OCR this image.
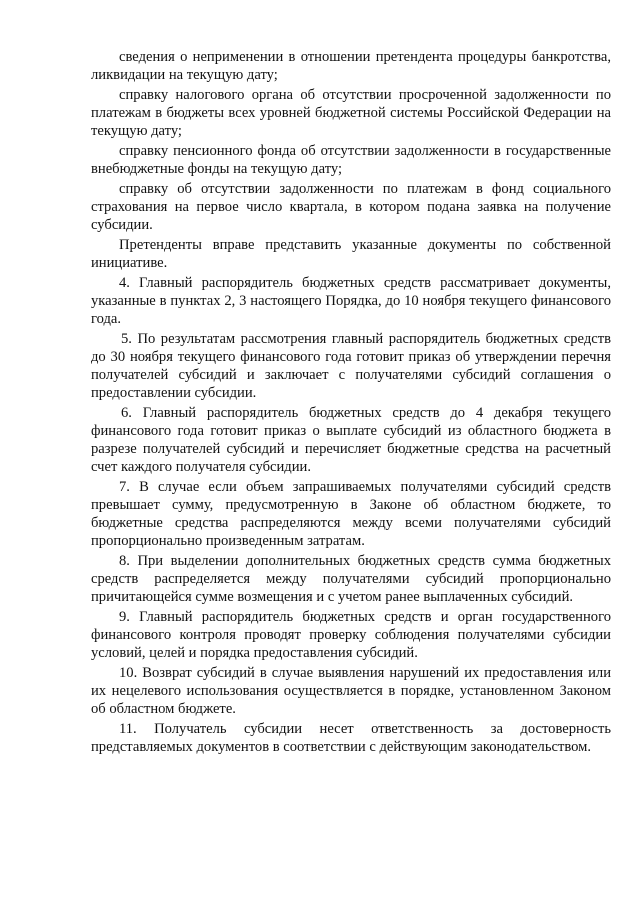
сведения о неприменении в отношении претендента процедуры банкротства, ликвидации на текущую дату;

справку налогового органа об отсутствии просроченной задолженности по платежам в бюджеты всех уровней бюджетной системы Российской Федерации на текущую дату;

справку пенсионного фонда об отсутствии задолженности в государственные внебюджетные фонды на текущую дату;

справку об отсутствии задолженности по платежам в фонд социального страхования на первое число квартала, в котором подана заявка на получение субсидии.

Претенденты вправе представить указанные документы по собственной инициативе.

4. Главный распорядитель бюджетных средств рассматривает документы, указанные в пунктах 2, 3 настоящего Порядка, до 10 ноября текущего финансового года.

5. По результатам рассмотрения главный распорядитель бюджетных средств до 30 ноября текущего финансового года готовит приказ об утверждении перечня получателей субсидий и заключает с получателями субсидий соглашения о предоставлении субсидии.

6. Главный распорядитель бюджетных средств до 4 декабря текущего финансового года готовит приказ о выплате субсидий из областного бюджета в разрезе получателей субсидий и перечисляет бюджетные средства на расчетный счет каждого получателя субсидии.

7. В случае если объем запрашиваемых получателями субсидий средств превышает сумму, предусмотренную в Законе об областном бюджете, то бюджетные средства распределяются между всеми получателями субсидий пропорционально произведенным затратам.

8. При выделении дополнительных бюджетных средств сумма бюджетных средств распределяется между получателями субсидий пропорционально причитающейся сумме возмещения и с учетом ранее выплаченных субсидий.

9. Главный распорядитель бюджетных средств и орган государственного финансового контроля проводят проверку соблюдения получателями субсидии условий, целей и порядка предоставления субсидий.

10. Возврат субсидий в случае выявления нарушений их предоставления или их нецелевого использования осуществляется в порядке, установленном Законом об областном бюджете.

11. Получатель субсидии несет ответственность за достоверность представляемых документов в соответствии с действующим законодательством.
